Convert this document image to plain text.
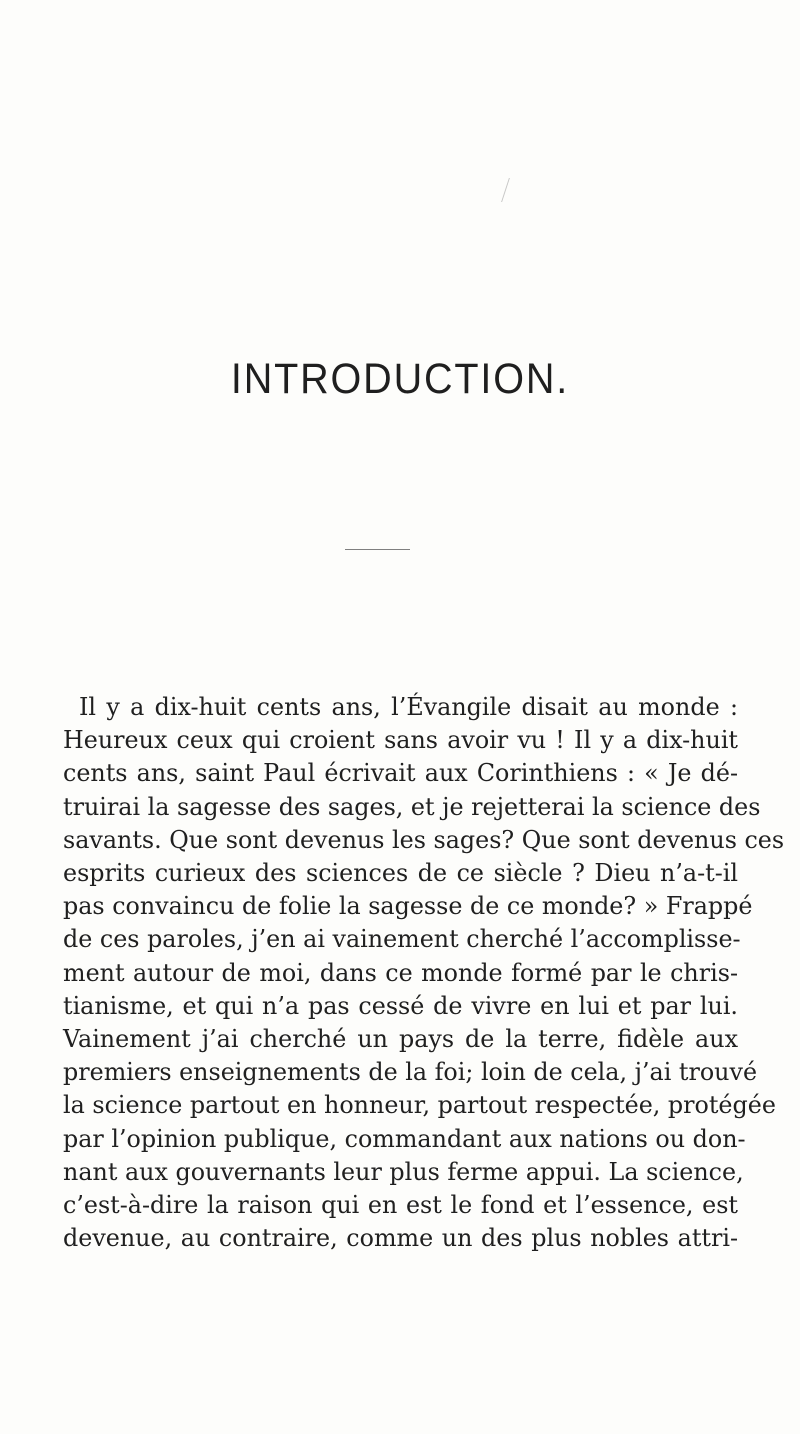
INTRODUCTION.
Il y a dix-huit cents ans, l’Évangile disait au monde :
Heureux ceux qui croient sans avoir vu ! Il y a dix-huit
cents ans, saint Paul écrivait aux Corinthiens : « Je dé-
truirai la sagesse des sages, et je rejetterai la science des
savants. Que sont devenus les sages? Que sont devenus ces
esprits curieux des sciences de ce siècle ? Dieu n’a-t-il
pas convaincu de folie la sagesse de ce monde? » Frappé
de ces paroles, j’en ai vainement cherché l’accomplisse-
ment autour de moi, dans ce monde formé par le chris-
tianisme, et qui n’a pas cessé de vivre en lui et par lui.
Vainement j’ai cherché un pays de la terre, fidèle aux
premiers enseignements de la foi; loin de cela, j’ai trouvé
la science partout en honneur, partout respectée, protégée
par l’opinion publique, commandant aux nations ou don-
nant aux gouvernants leur plus ferme appui. La science,
c’est-à-dire la raison qui en est le fond et l’essence, est
devenue, au contraire, comme un des plus nobles attri-
